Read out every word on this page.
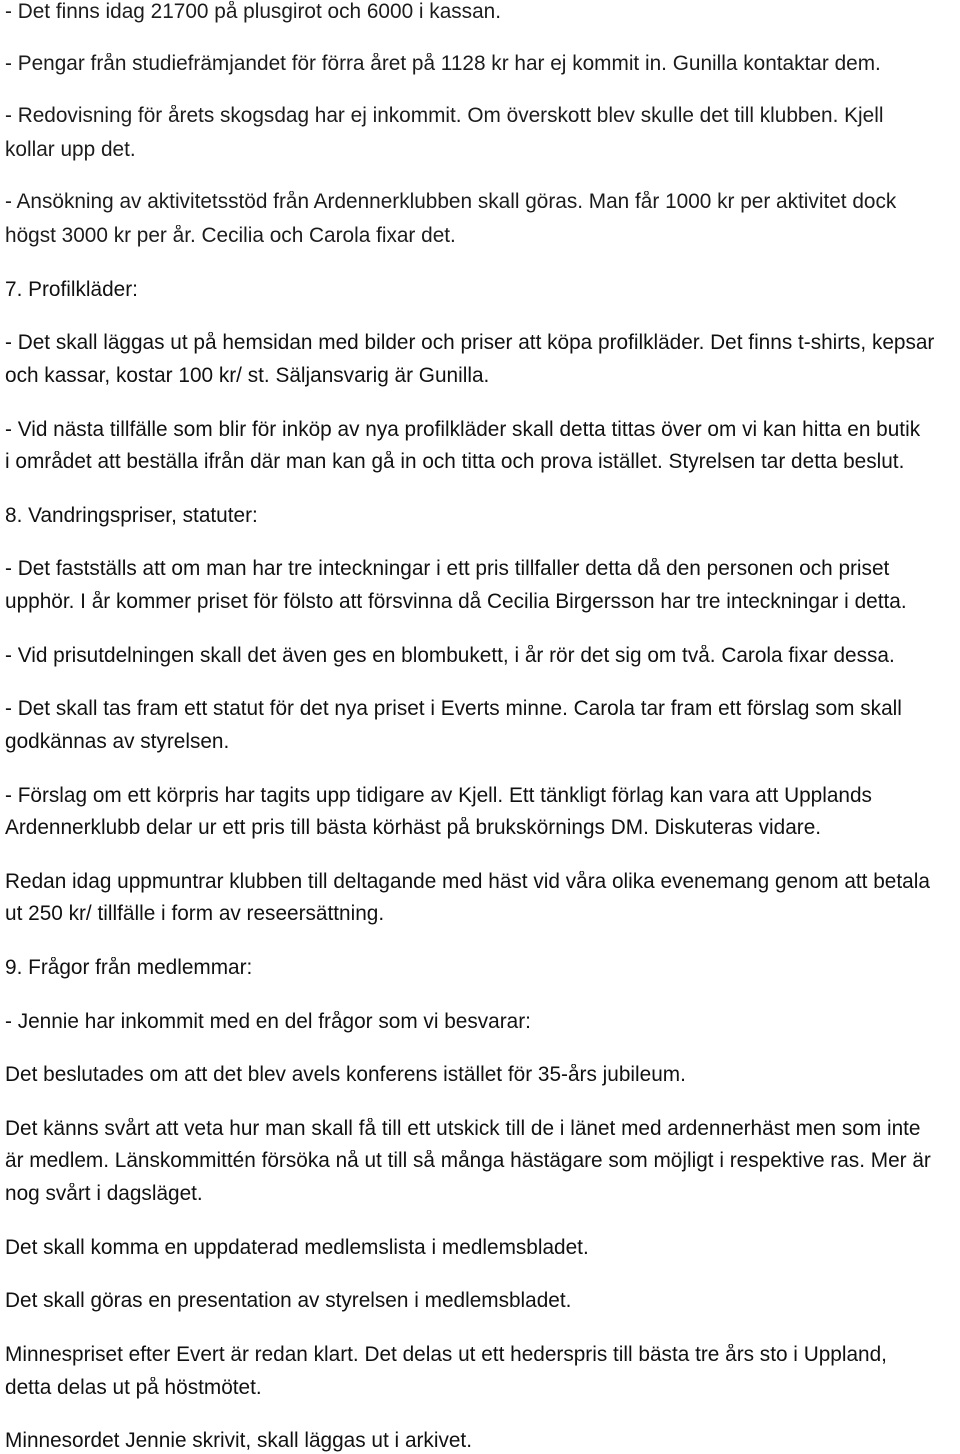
- Det finns idag 21700 på plusgirot och 6000 i kassan.
- Pengar från studiefrämjandet för förra året på 1128 kr har ej kommit in. Gunilla kontaktar dem.
- Redovisning för årets skogsdag har ej inkommit. Om överskott blev skulle det till klubben. Kjell
kollar upp det.
- Ansökning av aktivitetsstöd från Ardennerklubben skall göras. Man får 1000 kr per aktivitet dock
högst 3000 kr per år. Cecilia och Carola fixar det.
7. Profilkläder:
- Det skall läggas ut på hemsidan med bilder och priser att köpa profilkläder. Det finns t-shirts, kepsar
och kassar, kostar 100 kr/ st. Säljansvarig är Gunilla.
- Vid nästa tillfälle som blir för inköp av nya profilkläder skall detta tittas över om vi kan hitta en butik
i området att beställa ifrån där man kan gå in och titta och prova istället. Styrelsen tar detta beslut.
8. Vandringspriser, statuter:
- Det fastställs att om man har tre inteckningar i ett pris tillfaller detta då den personen och priset
upphör. I år kommer priset för fölsto att försvinna då Cecilia Birgersson har tre inteckningar i detta.
- Vid prisutdelningen skall det även ges en blombukett, i år rör det sig om två. Carola fixar dessa.
- Det skall tas fram ett statut för det nya priset i Everts minne. Carola tar fram ett förslag som skall
godkännas av styrelsen.
- Förslag om ett körpris har tagits upp tidigare av Kjell. Ett tänkligt förlag kan vara att Upplands
Ardennerklubb delar ur ett pris till bästa körhäst på brukskörnings DM. Diskuteras vidare.
Redan idag uppmuntrar klubben till deltagande med häst vid våra olika evenemang genom att betala
ut 250 kr/ tillfälle i form av reseersättning.
9. Frågor från medlemmar:
- Jennie har inkommit med en del frågor som vi besvarar:
Det beslutades om att det blev avels konferens istället för 35-års jubileum.
Det känns svårt att veta hur man skall få till ett utskick till de i länet med ardennerhäst men som inte
är medlem. Länskommittén försöka nå ut till så många hästägare som möjligt i respektive ras. Mer är
nog svårt i dagsläget.
Det skall komma en uppdaterad medlemslista i medlemsbladet.
Det skall göras en presentation av styrelsen i medlemsbladet.
Minnespriset efter Evert är redan klart. Det delas ut ett hederspris till bästa tre års sto i Uppland,
detta delas ut på höstmötet.
Minnesordet Jennie skrivit, skall läggas ut i arkivet.
